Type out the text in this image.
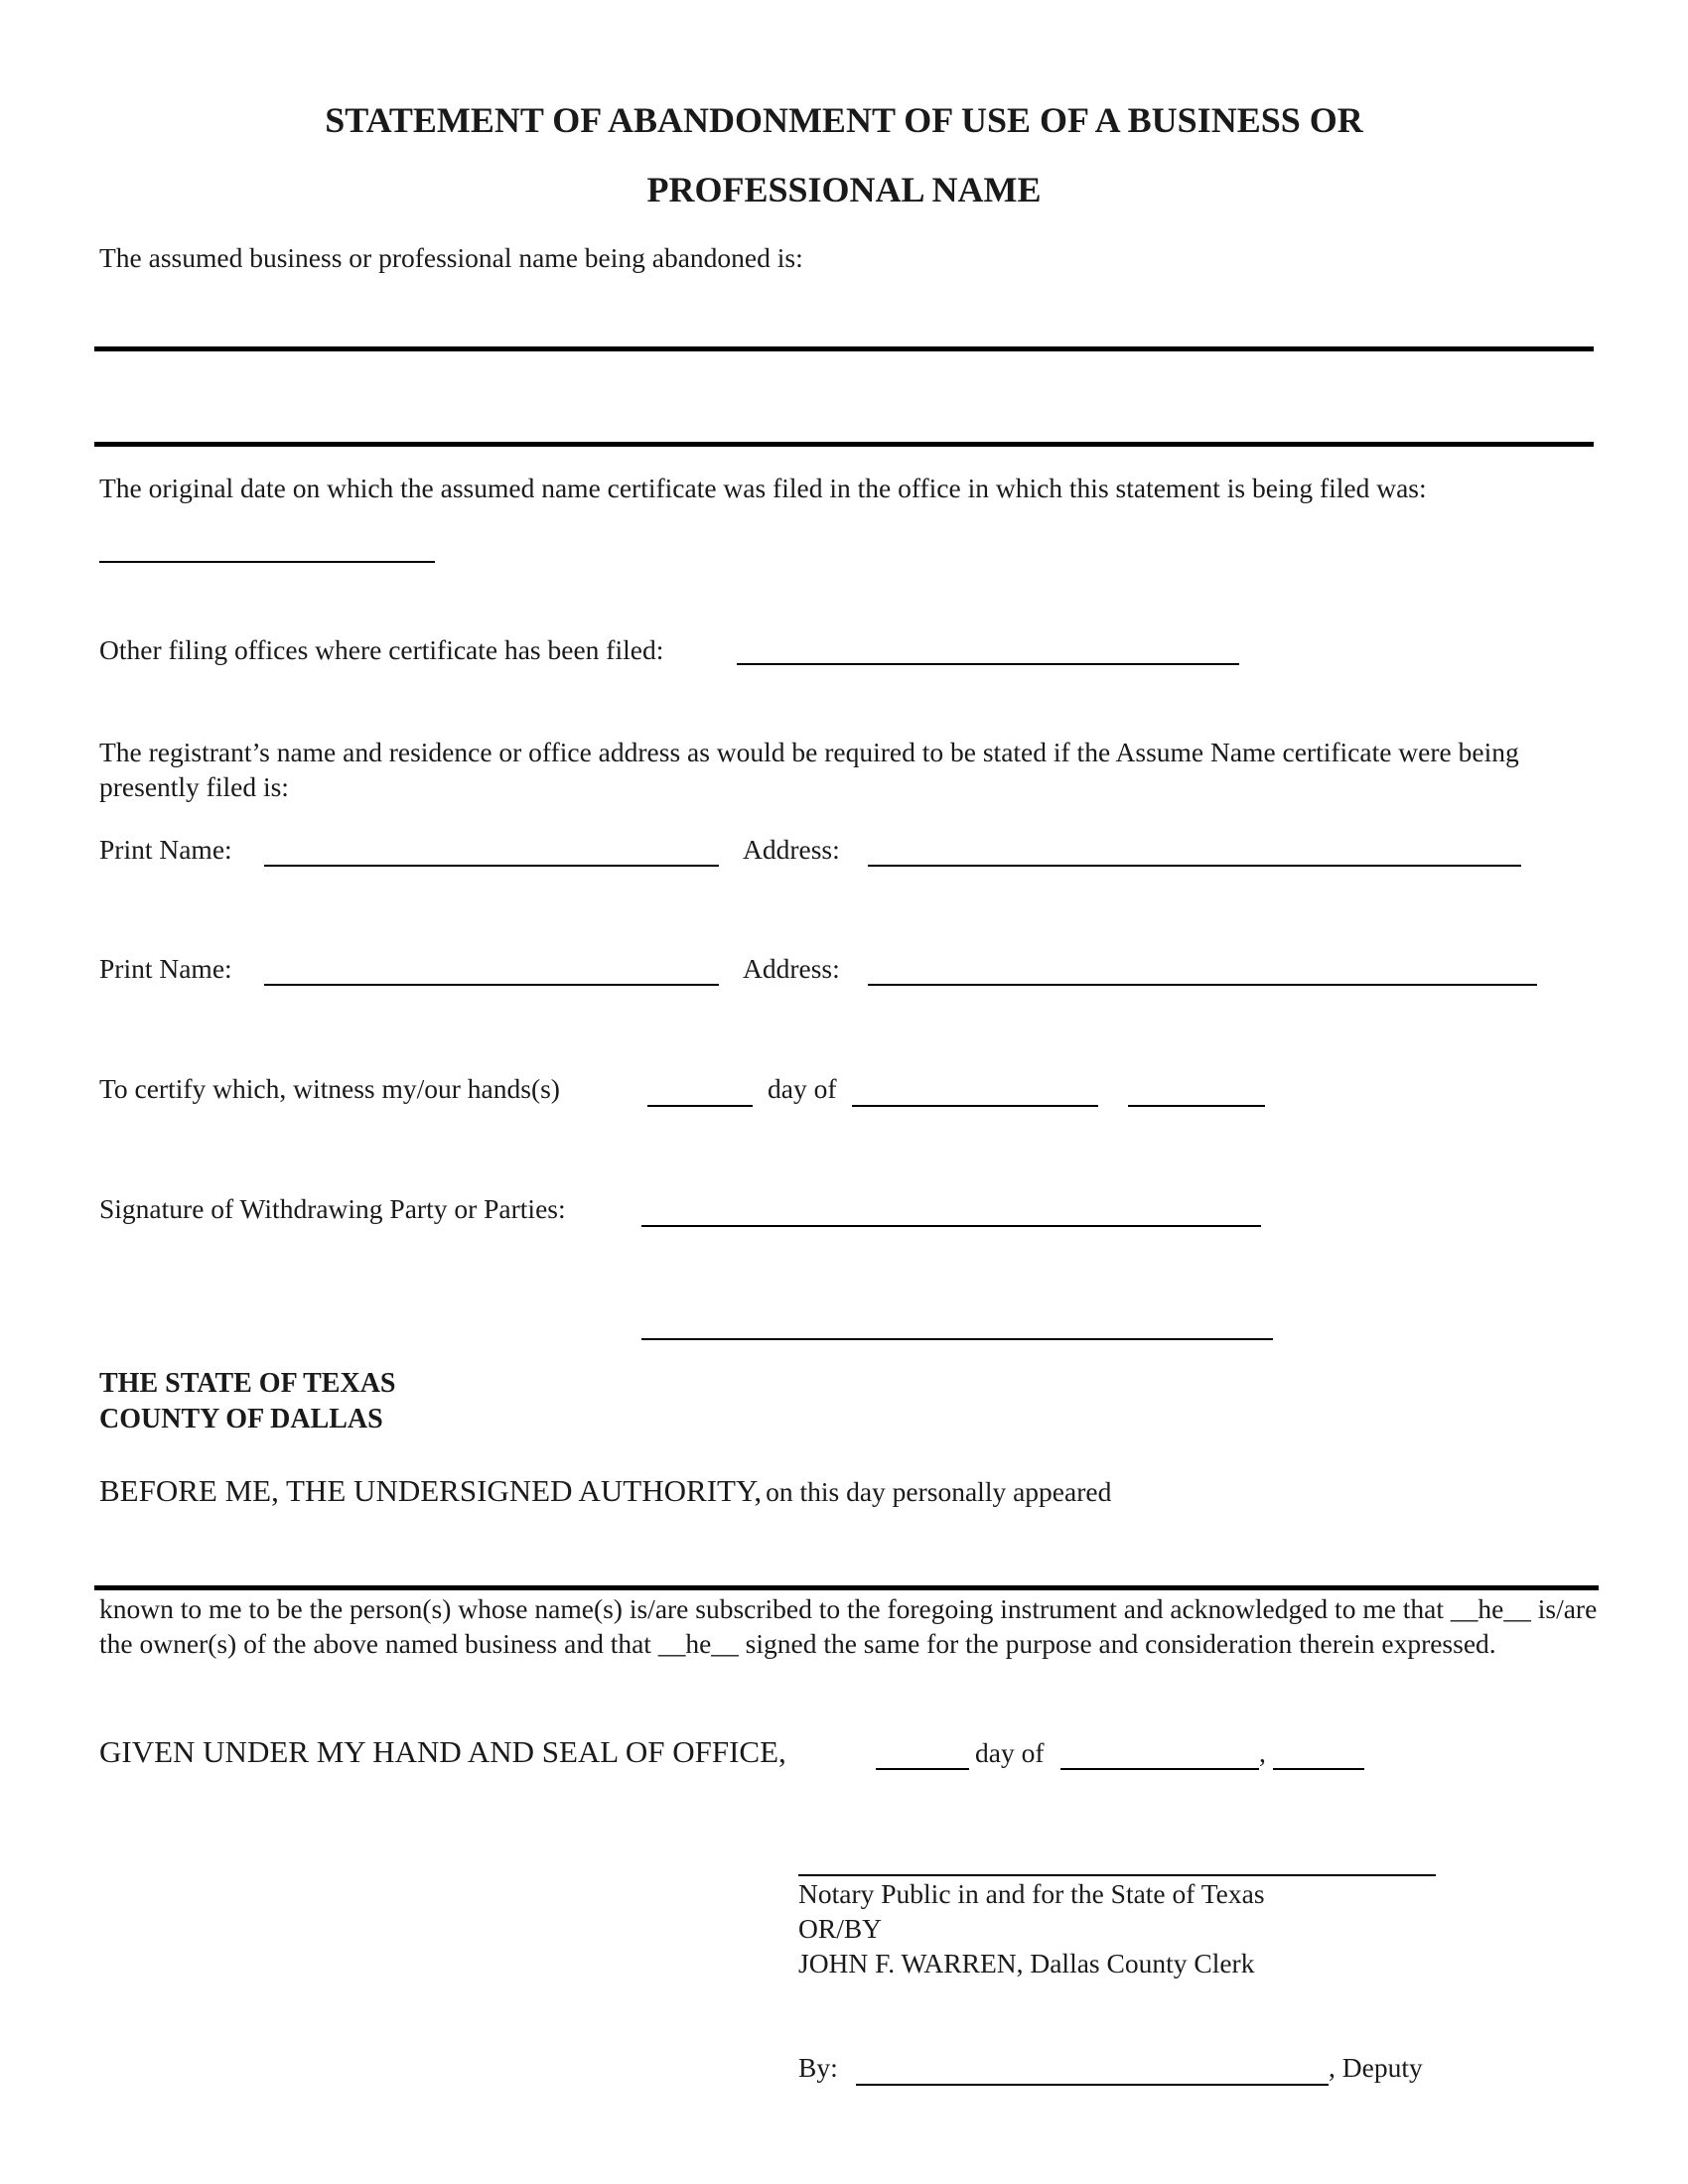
STATEMENT OF ABANDONMENT OF USE OF A BUSINESS OR
PROFESSIONAL NAME
The assumed business or professional name being abandoned is:
The original date on which the assumed name certificate was filed in the office in which this statement is being filed was:
Other filing offices where certificate has been filed:
The registrant’s name and residence or office address as would be required to be stated if the Assume Name certificate were being presently filed is:
Print Name:	Address:
Print Name:	Address:
To certify which, witness my/our hands(s)	day of
Signature of Withdrawing Party or Parties:
THE STATE OF TEXAS
COUNTY OF DALLAS
BEFORE ME, THE UNDERSIGNED AUTHORITY, on this day personally appeared
known to me to be the person(s) whose name(s) is/are subscribed to the foregoing instrument and acknowledged to me that __he__ is/are the owner(s) of the above named business and that __he__ signed the same for the purpose and consideration therein expressed.
GIVEN UNDER MY HAND AND SEAL OF OFFICE,	day of	,
Notary Public in and for the State of Texas
OR/BY
JOHN F. WARREN, Dallas County Clerk
By:	, Deputy
